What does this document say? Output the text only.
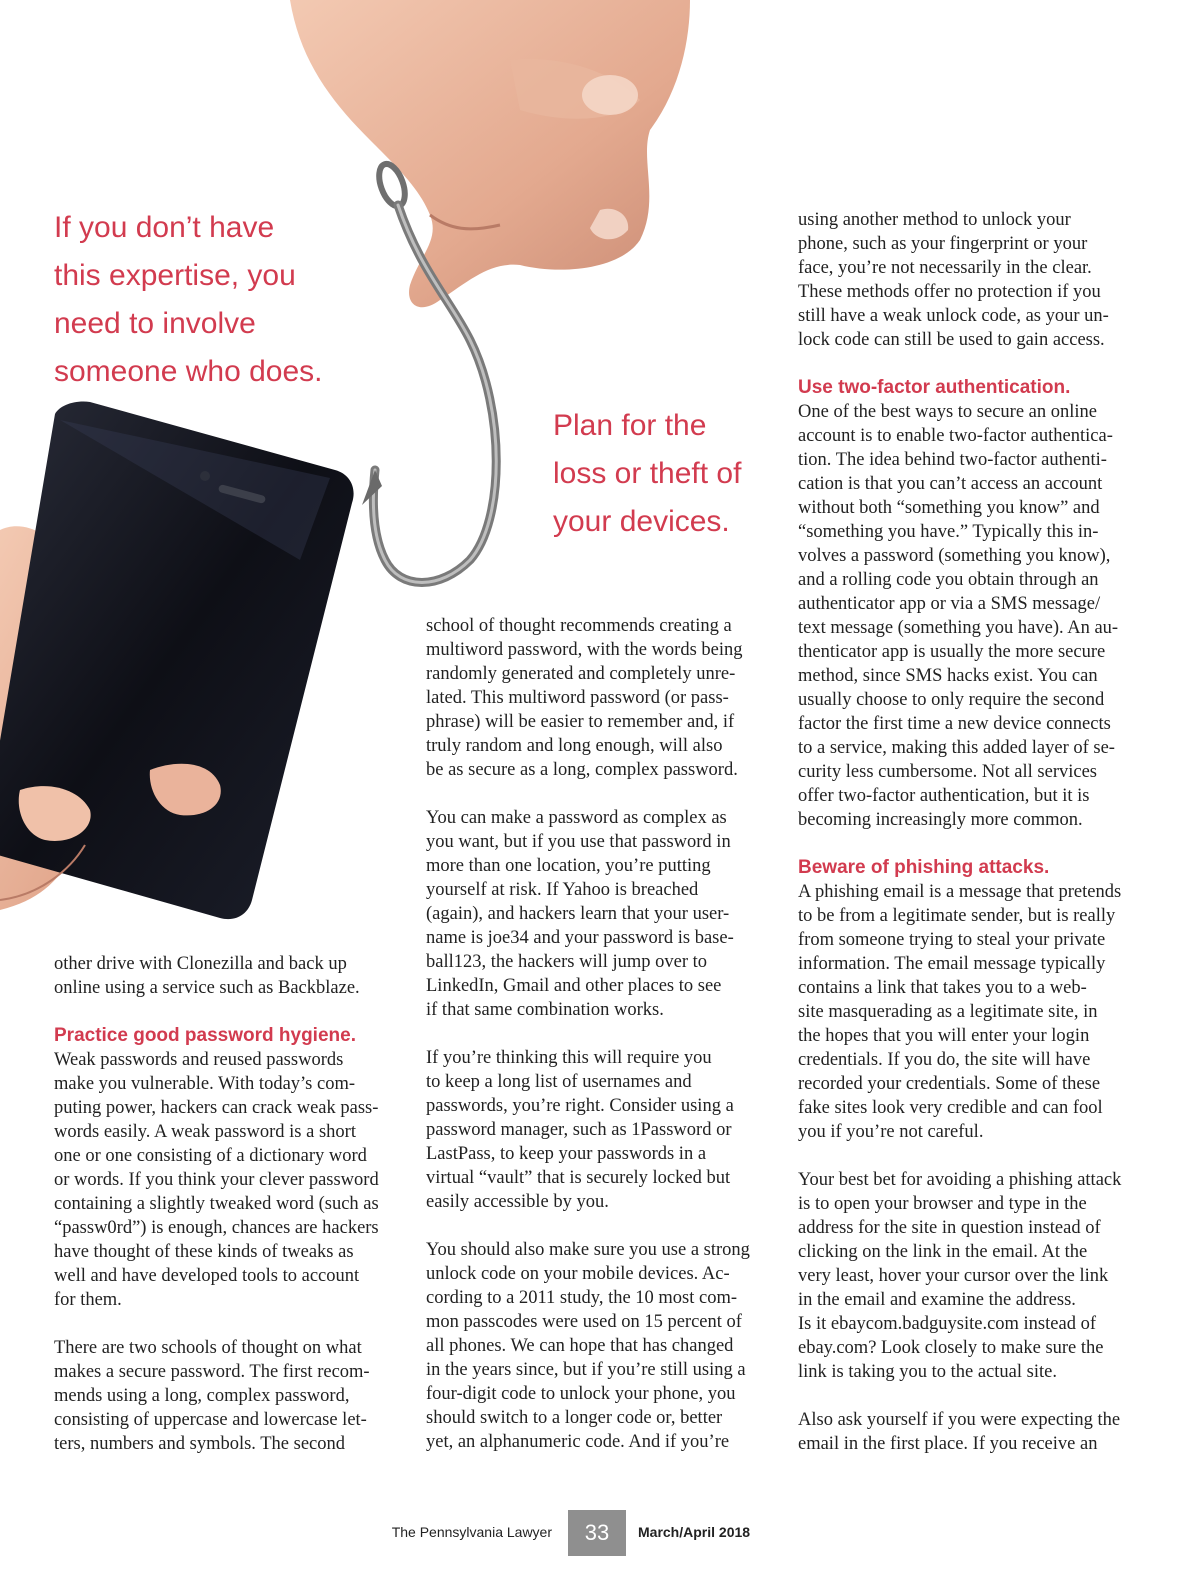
If you don’t have
this expertise, you
need to involve
someone who does.
Plan for the
loss or theft of
your devices.

other drive with Clonezilla and back up
online using a service such as Backblaze.

Practice good password hygiene.

Weak passwords and reused passwords
make you vulnerable. With today’s com-
puting power, hackers can crack weak pass-
words easily. A weak password is a short
one or one consisting of a dictionary word
or words. If you think your clever password
containing a slightly tweaked word (such as
“passw0rd”) is enough, chances are hackers
have thought of these kinds of tweaks as
well and have developed tools to account
for them.

There are two schools of thought on what
makes a secure password. The first recom-
mends using a long, complex password,
consisting of uppercase and lowercase let-
ters, numbers and symbols. The second

school of thought recommends creating a
multiword password, with the words being
randomly generated and completely unre-
lated. This multiword password (or pass-
phrase) will be easier to remember and, if
truly random and long enough, will also
be as secure as a long, complex password.

You can make a password as complex as
you want, but if you use that password in
more than one location, you’re putting
yourself at risk. If Yahoo is breached
(again), and hackers learn that your user-
name is joe34 and your password is base-
ball123, the hackers will jump over to
LinkedIn, Gmail and other places to see
if that same combination works.

If you’re thinking this will require you
to keep a long list of usernames and
passwords, you’re right. Consider using a
password manager, such as 1Password or
LastPass, to keep your passwords in a
virtual “vault” that is securely locked but
easily accessible by you.

You should also make sure you use a strong
unlock code on your mobile devices. Ac-
cording to a 2011 study, the 10 most com-
mon passcodes were used on 15 percent of
all phones. We can hope that has changed
in the years since, but if you’re still using a
four-digit code to unlock your phone, you
should switch to a longer code or, better
yet, an alphanumeric code. And if you’re

using another method to unlock your
phone, such as your fingerprint or your
face, you’re not necessarily in the clear.
These methods offer no protection if you
still have a weak unlock code, as your un-
lock code can still be used to gain access.

Use two-factor authentication.

One of the best ways to secure an online
account is to enable two-factor authentica-
tion. The idea behind two-factor authenti-
cation is that you can’t access an account
without both “something you know” and
“something you have.” Typically this in-
volves a password (something you know),
and a rolling code you obtain through an
authenticator app or via a SMS message/
text message (something you have). An au-
thenticator app is usually the more secure
method, since SMS hacks exist. You can
usually choose to only require the second
factor the first time a new device connects
to a service, making this added layer of se-
curity less cumbersome. Not all services
offer two-factor authentication, but it is
becoming increasingly more common.

Beware of phishing attacks.

A phishing email is a message that pretends
to be from a legitimate sender, but is really
from someone trying to steal your private
information. The email message typically
contains a link that takes you to a web-
site masquerading as a legitimate site, in
the hopes that you will enter your login
credentials. If you do, the site will have
recorded your credentials. Some of these
fake sites look very credible and can fool
you if you’re not careful.

Your best bet for avoiding a phishing attack
is to open your browser and type in the
address for the site in question instead of
clicking on the link in the email. At the
very least, hover your cursor over the link
in the email and examine the address.
Is it ebaycom.badguysite.com instead of
ebay.com? Look closely to make sure the
link is taking you to the actual site.

Also ask yourself if you were expecting the
email in the first place. If you receive an

The Pennsylvania Lawyer	33	March/April 2018
